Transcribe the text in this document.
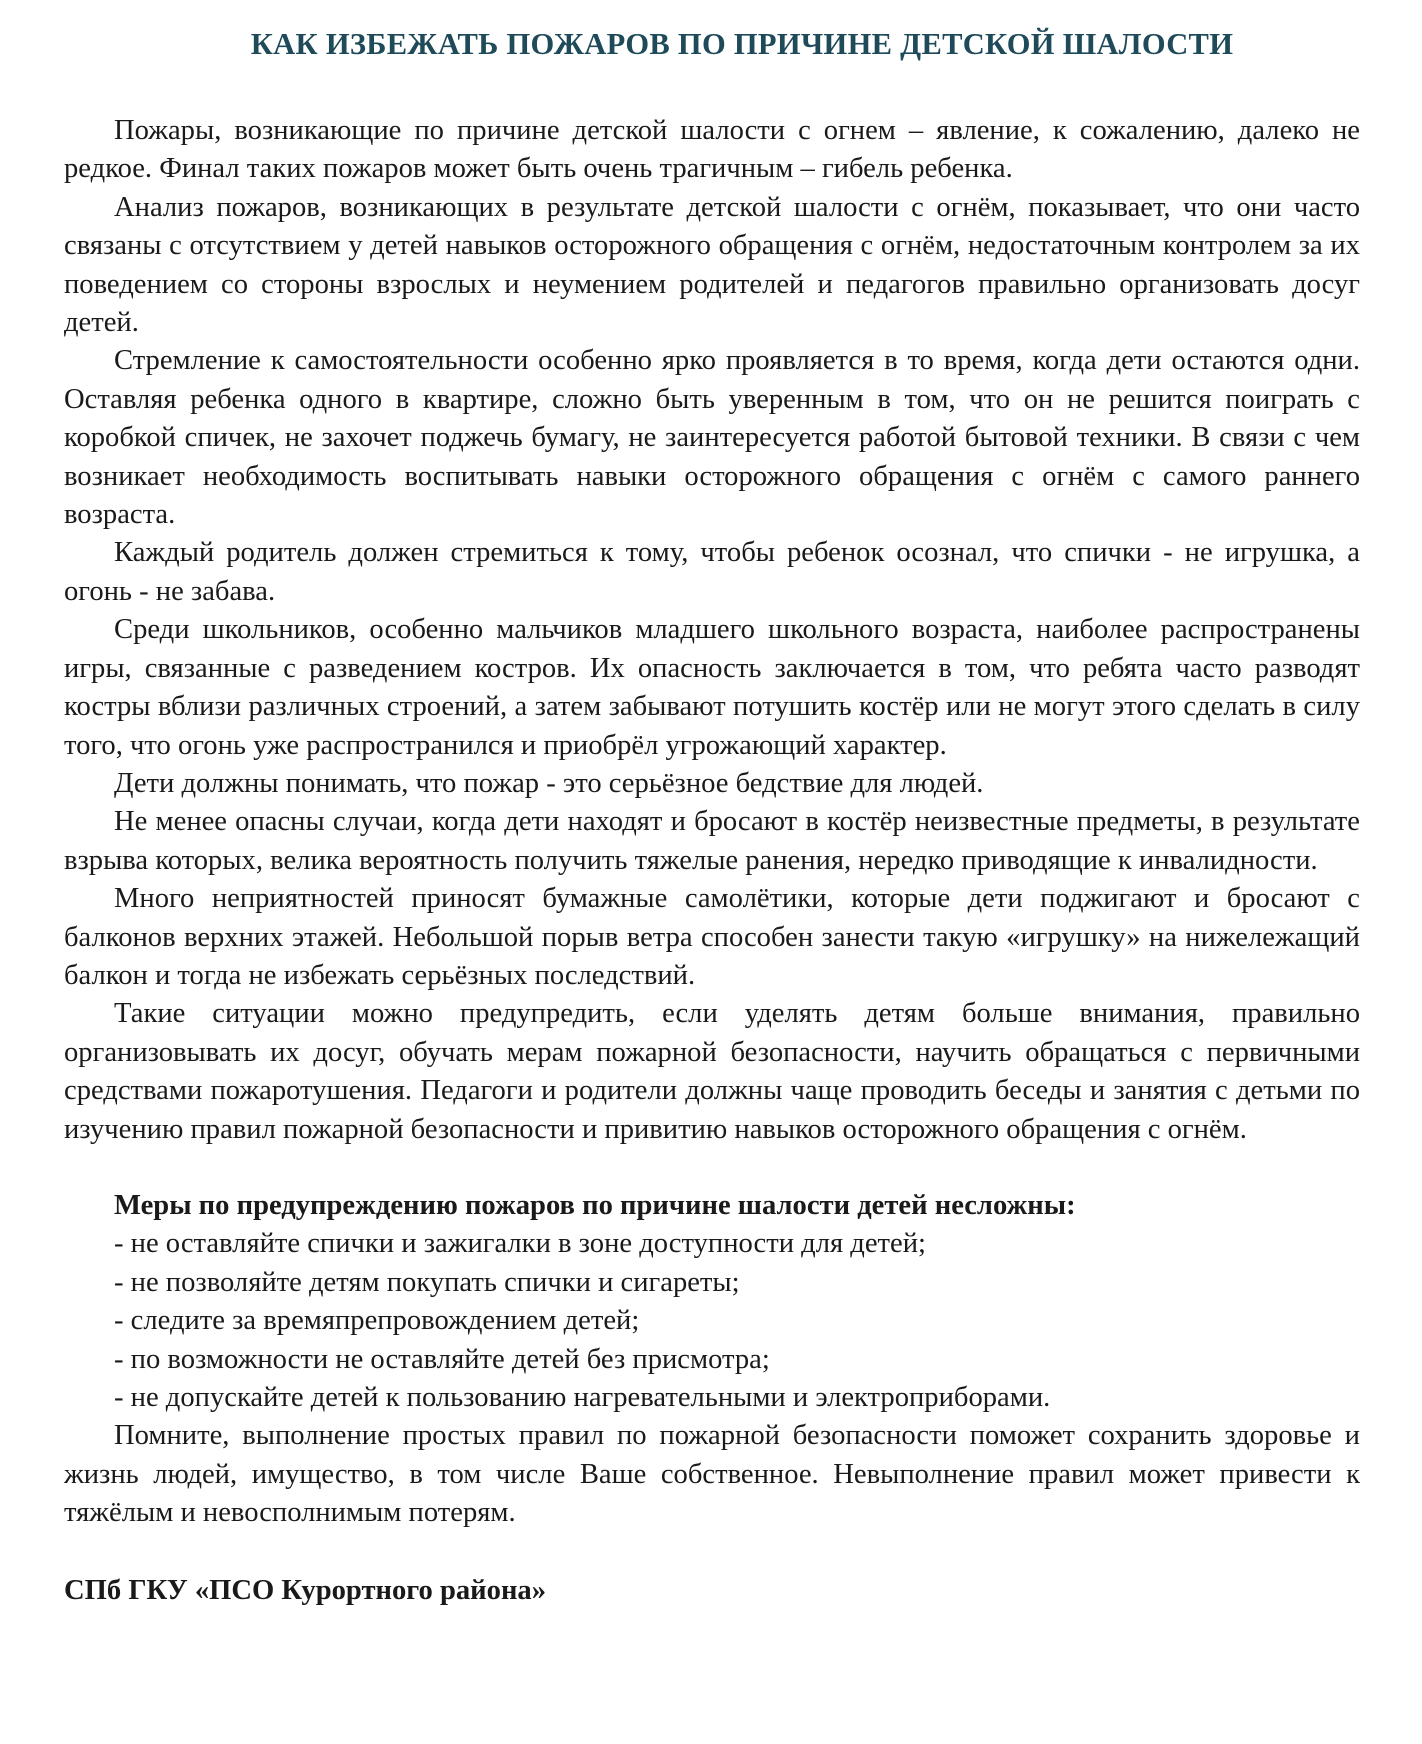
КАК ИЗБЕЖАТЬ ПОЖАРОВ ПО ПРИЧИНЕ ДЕТСКОЙ ШАЛОСТИ

Пожары, возникающие по причине детской шалости с огнем – явление, к сожалению, далеко не редкое. Финал таких пожаров может быть очень трагичным – гибель ребенка.

Анализ пожаров, возникающих в результате детской шалости с огнём, показывает, что они часто связаны с отсутствием у детей навыков осторожного обращения с огнём, недостаточным контролем за их поведением со стороны взрослых и неумением родителей и педагогов правильно организовать досуг детей.

Стремление к самостоятельности особенно ярко проявляется в то время, когда дети остаются одни. Оставляя ребенка одного в квартире, сложно быть уверенным в том, что он не решится поиграть с коробкой спичек, не захочет поджечь бумагу, не заинтересуется работой бытовой техники. В связи с чем возникает необходимость воспитывать навыки осторожного обращения с огнём с самого раннего возраста.

Каждый родитель должен стремиться к тому, чтобы ребенок осознал, что спички - не игрушка, а огонь - не забава.

Среди школьников, особенно мальчиков младшего школьного возраста, наиболее распространены игры, связанные с разведением костров. Их опасность заключается в том, что ребята часто разводят костры вблизи различных строений, а затем забывают потушить костёр или не могут этого сделать в силу того, что огонь уже распространился и приобрёл угрожающий характер.

Дети должны понимать, что пожар - это серьёзное бедствие для людей.

Не менее опасны случаи, когда дети находят и бросают в костёр неизвестные предметы, в результате взрыва которых, велика вероятность получить тяжелые ранения, нередко приводящие к инвалидности.

Много неприятностей приносят бумажные самолётики, которые дети поджигают и бросают с балконов верхних этажей. Небольшой порыв ветра способен занести такую «игрушку» на нижележащий балкон и тогда не избежать серьёзных последствий.

Такие ситуации можно предупредить, если уделять детям больше внимания, правильно организовывать их досуг, обучать мерам пожарной безопасности, научить обращаться с первичными средствами пожаротушения. Педагоги и родители должны чаще проводить беседы и занятия с детьми по изучению правил пожарной безопасности и привитию навыков осторожного обращения с огнём.

Меры по предупреждению пожаров по причине шалости детей несложны:

- не оставляйте спички и зажигалки в зоне доступности для детей;
- не позволяйте детям покупать спички и сигареты;
- следите за времяпрепровождением детей;
- по возможности не оставляйте детей без присмотра;
- не допускайте детей к пользованию нагревательными и электроприборами.

Помните, выполнение простых правил по пожарной безопасности поможет сохранить здоровье и жизнь людей, имущество, в том числе Ваше собственное. Невыполнение правил может привести к тяжёлым и невосполнимым потерям.

СПб ГКУ «ПСО Курортного района»
